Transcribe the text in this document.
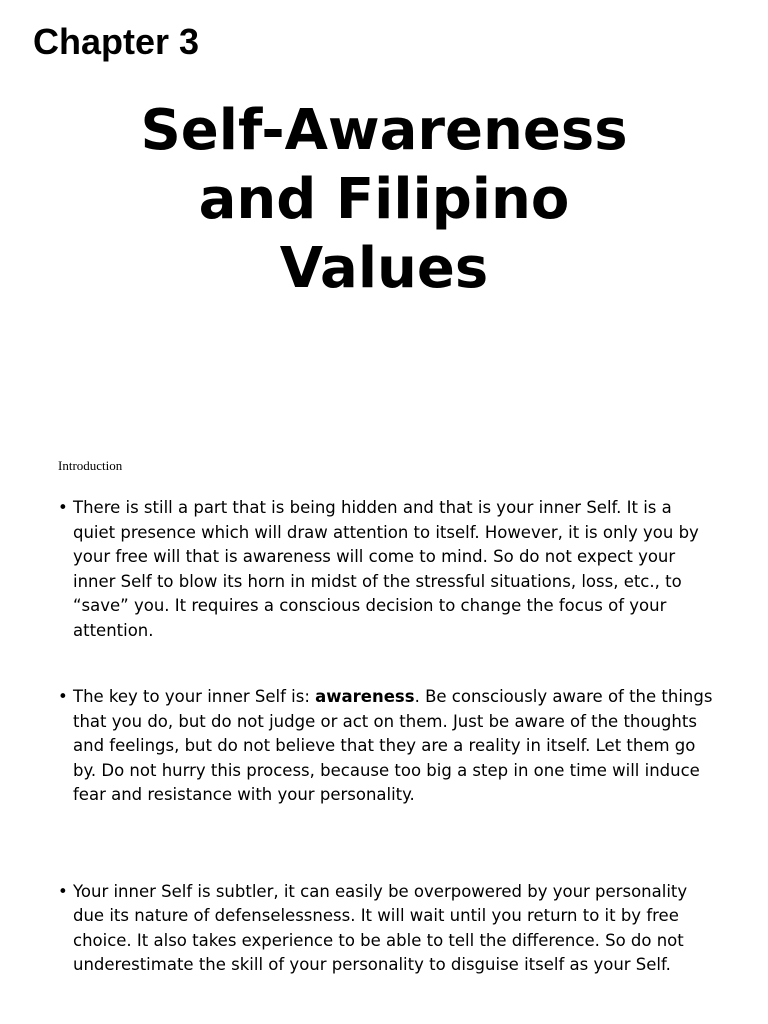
Chapter 3
Self-Awareness
and Filipino
Values

Introduction

• There is still a part that is being hidden and that is your inner Self. It is a quiet presence which will draw attention to itself. However, it is only you by your free will that is awareness will come to mind. So do not expect your inner Self to blow its horn in midst of the stressful situations, loss, etc., to “save” you. It requires a conscious decision to change the focus of your attention.
• The key to your inner Self is: awareness. Be consciously aware of the things that you do, but do not judge or act on them. Just be aware of the thoughts and feelings, but do not believe that they are a reality in itself. Let them go by. Do not hurry this process, because too big a step in one time will induce fear and resistance with your personality.
• Your inner Self is subtler, it can easily be overpowered by your personality due its nature of defenselessness. It will wait until you return to it by free choice. It also takes experience to be able to tell the difference. So do not underestimate the skill of your personality to disguise itself as your Self.
